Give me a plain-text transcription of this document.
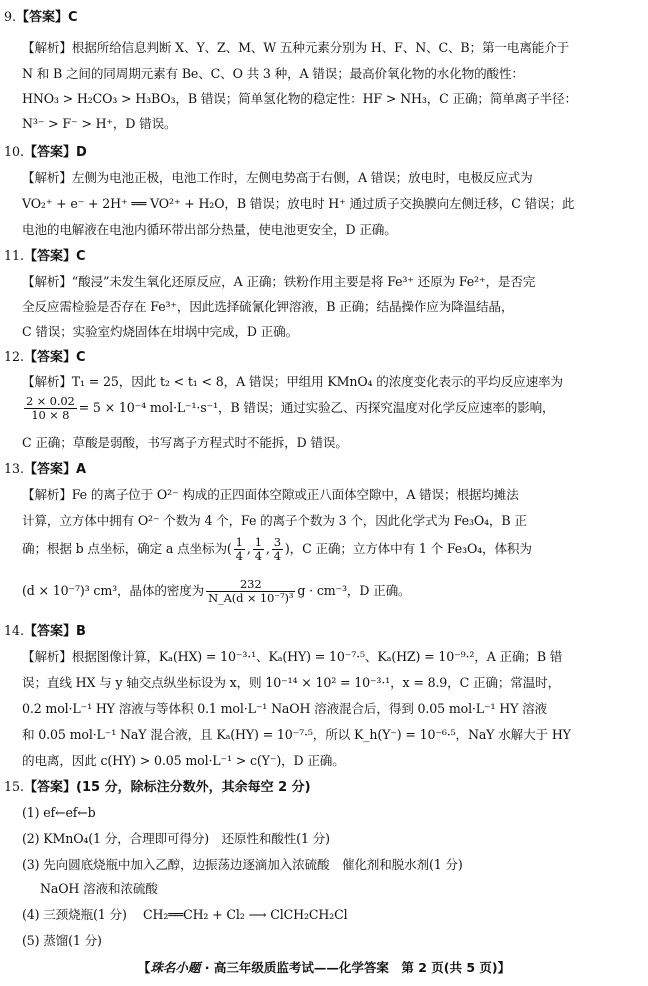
9.【答案】C
【解析】根据所给信息判断 X、Y、Z、M、W 五种元素分别为 H、F、N、C、B；第一电离能介于
N 和 B 之间的同周期元素有 Be、C、O 共 3 种，A 错误；最高价氧化物的水化物的酸性：
HNO₃ > H₂CO₃ > H₃BO₃，B 错误；简单氢化物的稳定性：HF > NH₃，C 正确；简单离子半径：
N³⁻ > F⁻ > H⁺，D 错误。
10.【答案】D
【解析】左侧为电池正极，电池工作时，左侧电势高于右侧，A 错误；放电时，电极反应式为
VO₂⁺ + e⁻ + 2H⁺ ══ VO²⁺ + H₂O，B 错误；放电时 H⁺ 通过质子交换膜向左侧迁移，C 错误；此
电池的电解液在电池内循环带出部分热量，使电池更安全，D 正确。
11.【答案】C
【解析】“酸浸”未发生氧化还原反应，A 正确；铁粉作用主要是将 Fe³⁺ 还原为 Fe²⁺，是否完
全反应需检验是否存在 Fe³⁺，因此选择硫氰化钾溶液，B 正确；结晶操作应为降温结晶，
C 错误；实验室灼烧固体在坩埚中完成，D 正确。
12.【答案】C
【解析】T₁ = 25，因此 t₂ < t₁ < 8，A 错误；甲组用 KMnO₄ 的浓度变化表示的平均反应速率为
$\frac{2 \times 0.02}{10 \times 8} = 5 \times 10^{-4}$ mol·L⁻¹·s⁻¹，B 错误；通过实验乙、丙探究温度对化学反应速率的影响，
C 正确；草酸是弱酸，书写离子方程式时不能拆，D 错误。
13.【答案】A
【解析】Fe 的离子位于 O²⁻ 构成的正四面体空隙或正八面体空隙中，A 错误；根据均摊法
计算，立方体中拥有 O²⁻ 个数为 4 个，Fe 的离子个数为 3 个，因此化学式为 Fe₃O₄，B 正
确；根据 b 点坐标，确定 a 点坐标为( $\frac{1}{4}$ , $\frac{1}{4}$ , $\frac{3}{4}$ )，C 正确；立方体中有 1 个 Fe₃O₄，体积为
(d × 10⁻⁷)³ cm³，晶体的密度为 $\frac{232}{\text{N\_A(d × 10⁻⁷)³}}$ g · cm⁻³，D 正确。
14.【答案】B
【解析】根据图像计算，Kₐ(HX) = 10⁻³·¹、Kₐ(HY) = 10⁻⁷·⁵、Kₐ(HZ) = 10⁻⁹·²，A 正确；B 错
误；直线 HX 与 y 轴交点纵坐标设为 x，则 10⁻¹⁴ × 10² = 10⁻³·¹，x = 8.9，C 正确；常温时，
0.2 mol·L⁻¹ HY 溶液与等体积 0.1 mol·L⁻¹ NaOH 溶液混合后，得到 0.05 mol·L⁻¹ HY 溶液
和 0.05 mol·L⁻¹ NaY 混合液，且 Kₐ(HY) = 10⁻⁷·⁵，所以 K_h(Y⁻) = 10⁻⁶·⁵，NaY 水解大于 HY
的电离，因此 c(HY) > 0.05 mol·L⁻¹ > c(Y⁻)，D 正确。
15.【答案】(15 分，除标注分数外，其余每空 2 分)
(1) ef←ef←b
(2) KMnO₄(1 分，合理即可得分)　还原性和酸性(1 分)
(3) 先向圆底烧瓶中加入乙醇，边振荡边逐滴加入浓硫酸　催化剂和脱水剂(1 分)
NaOH 溶液和浓硫酸
(4) 三颈烧瓶(1 分)　 CH₂══CH₂ + Cl₂ ⟶ ClCH₂CH₂Cl
(5) 蒸馏(1 分)
【珠名小题 · 高三年级质监考试——化学答案　第 2 页(共 5 页)】
